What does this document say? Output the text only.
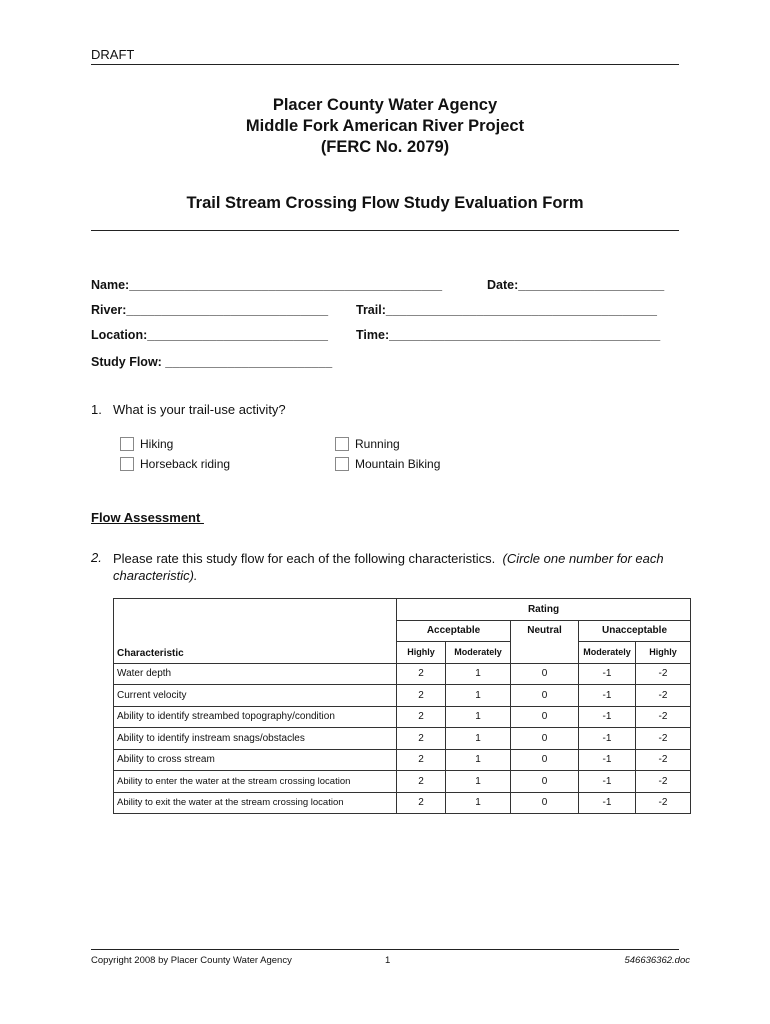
DRAFT
Placer County Water Agency
Middle Fork American River Project
(FERC No. 2079)
Trail Stream Crossing Flow Study Evaluation Form
Name:_____________________________________________	Date:_____________________
River:_____________________________ Trail:_______________________________________
Location:__________________________ Time:_______________________________________
Study Flow: ________________________
1. What is your trail-use activity?
Hiking
Horseback riding
Running
Mountain Biking
Flow Assessment
2. Please rate this study flow for each of the following characteristics. (Circle one number for each characteristic).
Characteristic	Rating				
	Acceptable		Neutral	Unacceptable	
	Highly	Moderately		Moderately	Highly
Water depth	2	1	0	-1	-2
Current velocity	2	1	0	-1	-2
Ability to identify streambed topography/condition	2	1	0	-1	-2
Ability to identify instream snags/obstacles	2	1	0	-1	-2
Ability to cross stream	2	1	0	-1	-2
Ability to enter the water at the stream crossing location	2	1	0	-1	-2
Ability to exit the water at the stream crossing location	2	1	0	-1	-2
Copyright 2008 by Placer County Water Agency	1	546636362.doc
